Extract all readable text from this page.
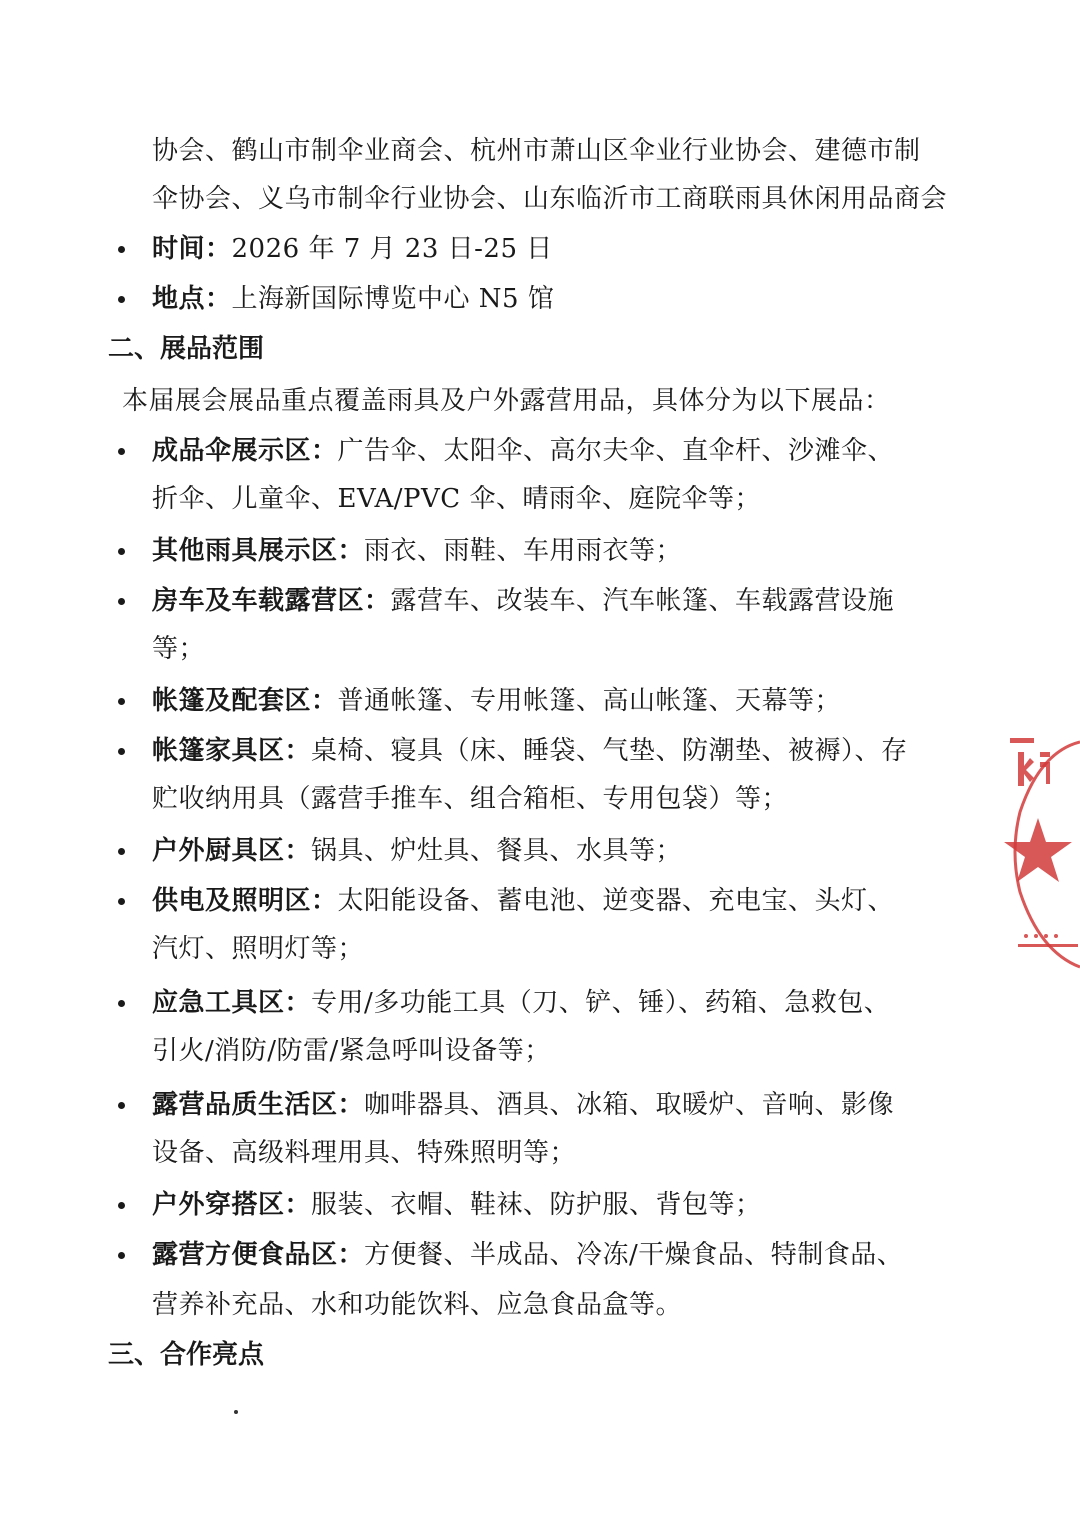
协会、鹤山市制伞业商会、杭州市萧山区伞业行业协会、建德市制
伞协会、义乌市制伞行业协会、山东临沂市工商联雨具休闲用品商会
时间：2026 年 7 月 23 日-25 日
地点：上海新国际博览中心 N5 馆
二、展品范围
本届展会展品重点覆盖雨具及户外露营用品，具体分为以下展品：
成品伞展示区：广告伞、太阳伞、高尔夫伞、直伞杆、沙滩伞、
折伞、儿童伞、EVA/PVC 伞、晴雨伞、庭院伞等；
其他雨具展示区：雨衣、雨鞋、车用雨衣等；
房车及车载露营区：露营车、改装车、汽车帐篷、车载露营设施
等；
帐篷及配套区：普通帐篷、专用帐篷、高山帐篷、天幕等；
帐篷家具区：桌椅、寝具（床、睡袋、气垫、防潮垫、被褥）、存
贮收纳用具（露营手推车、组合箱柜、专用包袋）等；
户外厨具区：锅具、炉灶具、餐具、水具等；
供电及照明区：太阳能设备、蓄电池、逆变器、充电宝、头灯、
汽灯、照明灯等；
应急工具区：专用/多功能工具（刀、铲、锤）、药箱、急救包、
引火/消防/防雷/紧急呼叫设备等；
露营品质生活区：咖啡器具、酒具、冰箱、取暖炉、音响、影像
设备、高级料理用具、特殊照明等；
户外穿搭区：服装、衣帽、鞋袜、防护服、背包等；
露营方便食品区：方便餐、半成品、冷冻/干燥食品、特制食品、
营养补充品、水和功能饮料、应急食品盒等。
三、合作亮点
